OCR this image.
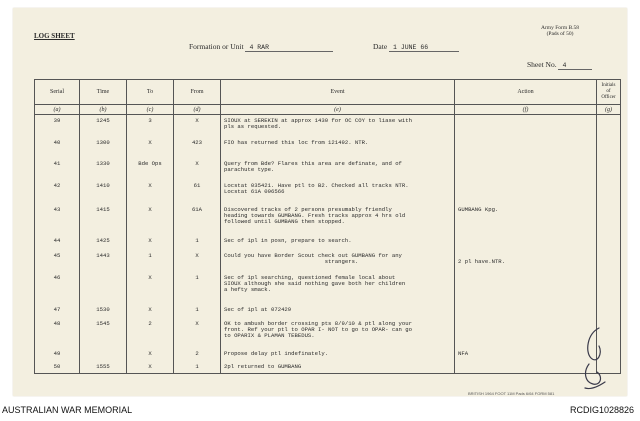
LOG SHEET
Formation or Unit 4 RAR	Date 1 JUNE 66
Army Form B.58
(Pads of 50)
Sheet No. 4
Serial	Time	To	From	Event	Action	Initials of Officer
(a)	(b)	(c)	(d)	(e)	(f)	(g)
39	1245	3	X	SIOUX at SEREKIN at approx 1430 for OC COY to liase with
pls as requested.		
40	1300	X	423	FIO has returned this loc from 121492. NTR.		
41	1330	Bde Ops	X	Query from Bde? Flares this area are definate, and of
parachute type.		
42	1410	X	61	Locstat 035421. Have ptl to B2. Checked all tracks NTR.
Locstat 61A 096566		
43	1415	X	61A	Discovered tracks of 2 persons presumably friendly
heading towards GUMBANG. Fresh tracks approx 4 hrs old
followed until GUMBANG then stopped.	GUMBANG Kpg.	
44	1425	X	1	Sec of 1pl in posn, prepare to search.		
45	1443	1	X	Could you have Border Scout check out GUMBANG for any
strangers.	2 pl have.NTR.	
46		X	1	Sec of 1pl searching, questioned female local about
SIOUX although she said nothing gave both her children
a hefty smack.		
47	1530	X	1	Sec of 1pl at 072429		
48	1545	2	X	OK to ambush border crossing pts 8/9/10 & ptl along your
front. Ref your ptl to OPAR I- NOT to go to OPAR- can go
to OPARIX & PLAMAN TEBEDUS.		
49		X	2	Propose delay ptl indefinately.	NFA	
50	1555	X	1	2pl returned to GUMBANG		
BRITISH 1964 FOOT 11M Pads 6/64 FORM 581
AUSTRALIAN WAR MEMORIAL	RCDIG1028826
